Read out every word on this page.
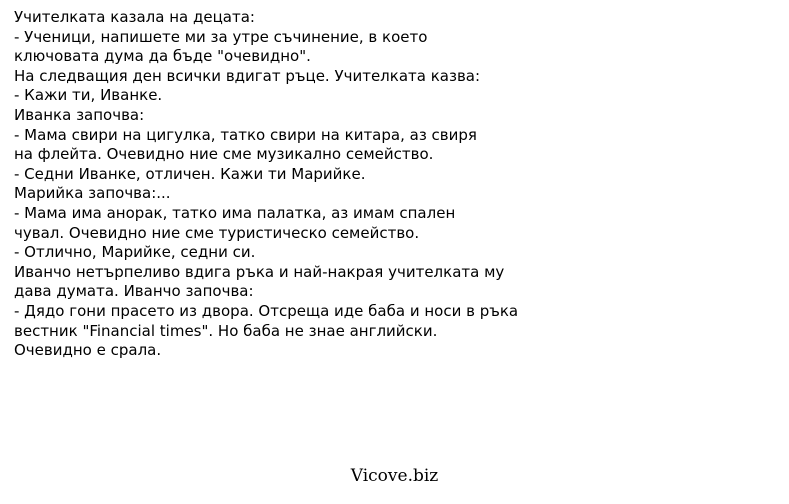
Учителката казала на децата:
- Ученици, напишете ми за утре съчинение, в което
ключовата дума да бъде "очевидно".
На следващия ден всички вдигат ръце. Учителката казва:
- Кажи ти, Иванке.
Иванка започва:
- Мама свири на цигулка, татко свири на китара, аз свиря
на флейта. Очевидно ние сме музикално семейство.
- Седни Иванке, отличен. Кажи ти Марийке.
Марийка започва:...
- Мама има анорак, татко има палатка, аз имам спален
чувал. Очевидно ние сме туристическо семейство.
- Отлично, Марийке, седни си.
Иванчо нетърпеливо вдига ръка и най-накрая учителката му
дава думата. Иванчо започва:
- Дядо гони прасето из двора. Отсреща иде баба и носи в ръка
вестник "Financial times". Но баба не знае английски.
Очевидно е срала.
Vicove.biz
